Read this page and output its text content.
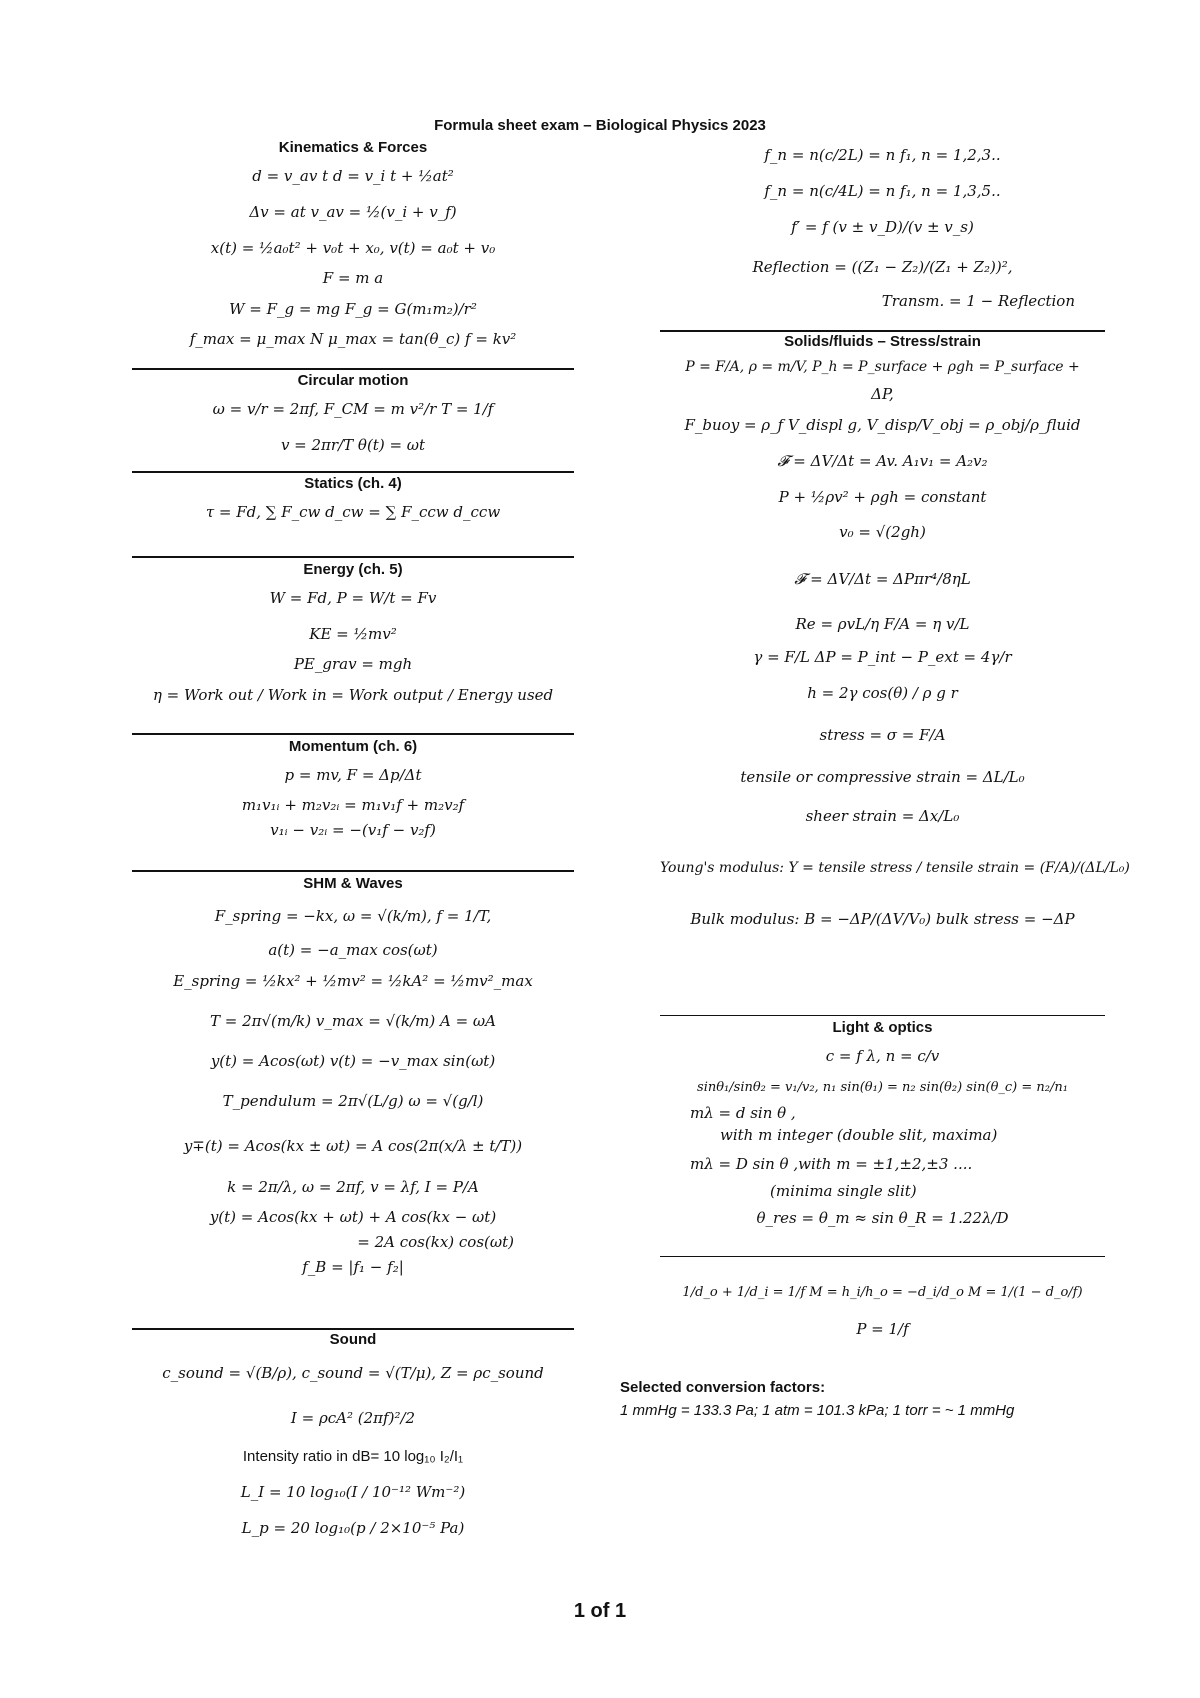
Formula sheet exam – Biological Physics 2023
Kinematics & Forces
d = v_av t d = v_i t + ½at²
Δv = at v_av = ½(v_i + v_f)
x(t) = ½a₀t² + v₀t + x₀, v(t) = a₀t + v₀
F = m a
W = F_g = mg F_g = G(m₁m₂)/r²
f_max = μ_max N μ_max = tan(θ_c) f = kv²
Circular motion
ω = v/r = 2πf, F_CM = m v²/r T = 1/f
v = 2πr/T θ(t) = ωt
Statics (ch. 4)
τ = Fd, ∑ F_cw d_cw = ∑ F_ccw d_ccw
Energy (ch. 5)
W = Fd, P = W/t = Fv
KE = ½mv²
PE_grav = mgh
η = Work out / Work in = Work output / Energy used
Momentum (ch. 6)
p = mv, F = Δp/Δt
m₁v₁ᵢ + m₂v₂ᵢ = m₁v₁f + m₂v₂f
v₁ᵢ − v₂ᵢ = −(v₁f − v₂f)
SHM & Waves
F_spring = −kx, ω = √(k/m), f = 1/T,
a(t) = −a_max cos(ωt)
E_spring = ½kx² + ½mv² = ½kA² = ½mv²_max
T = 2π√(m/k) v_max = √(k/m) A = ωA
y(t) = Acos(ωt) v(t) = −v_max sin(ωt)
T_pendulum = 2π√(L/g) ω = √(g/l)
y∓(t) = Acos(kx ± ωt) = A cos(2π(x/λ ± t/T))
k = 2π/λ, ω = 2πf, v = λf, I = P/A
y(t) = Acos(kx + ωt) + A cos(kx − ωt)
= 2A cos(kx) cos(ωt)
f_B = |f₁ − f₂|
Sound
c_sound = √(B/ρ), c_sound = √(T/μ), Z = ρc_sound
I = ρcA² (2πf)²/2
Intensity ratio in dB= 10 log₁₀ I₂/I₁
L_I = 10 log₁₀(I / 10⁻¹² Wm⁻²)
L_p = 20 log₁₀(p / 2×10⁻⁵ Pa)
f_n = n(c/2L) = n f₁, n = 1,2,3..
f_n = n(c/4L) = n f₁, n = 1,3,5..
f′ = f (v ± v_D)/(v ± v_s)
Reflection = ((Z₁ − Z₂)/(Z₁ + Z₂))²,
Transm. = 1 − Reflection
Solids/fluids – Stress/strain
P = F/A, ρ = m/V, P_h = P_surface + ρgh = P_surface +
ΔP,
F_buoy = ρ_f V_displ g, V_disp/V_obj = ρ_obj/ρ_fluid
𝓕 = ΔV/Δt = Av. A₁v₁ = A₂v₂
P + ½ρv² + ρgh = constant
v₀ = √(2gh)
𝓕 = ΔV/Δt = ΔPπr⁴/8ηL
Re = ρvL/η F/A = η v/L
γ = F/L ΔP = P_int − P_ext = 4γ/r
h = 2γ cos(θ) / ρ g r
stress = σ = F/A
tensile or compressive strain = ΔL/L₀
sheer strain = Δx/L₀
Young's modulus: Y = tensile stress / tensile strain = (F/A)/(ΔL/L₀)
Bulk modulus: B = −ΔP/(ΔV/V₀) bulk stress = −ΔP
Light & optics
c = f λ, n = c/v
sinθ₁/sinθ₂ = v₁/v₂, n₁ sin(θ₁) = n₂ sin(θ₂) sin(θ_c) = n₂/n₁
mλ = d sin θ ,
with m integer (double slit, maxima)
mλ = D sin θ ,with m = ±1,±2,±3 ....
(minima single slit)
θ_res = θ_m ≈ sin θ_R = 1.22λ/D
1/d_o + 1/d_i = 1/f M = h_i/h_o = −d_i/d_o M = 1/(1 − d_o/f)
P = 1/f
Selected conversion factors:
1 mmHg = 133.3 Pa; 1 atm = 101.3 kPa; 1 torr = ~ 1 mmHg
1 of 1
